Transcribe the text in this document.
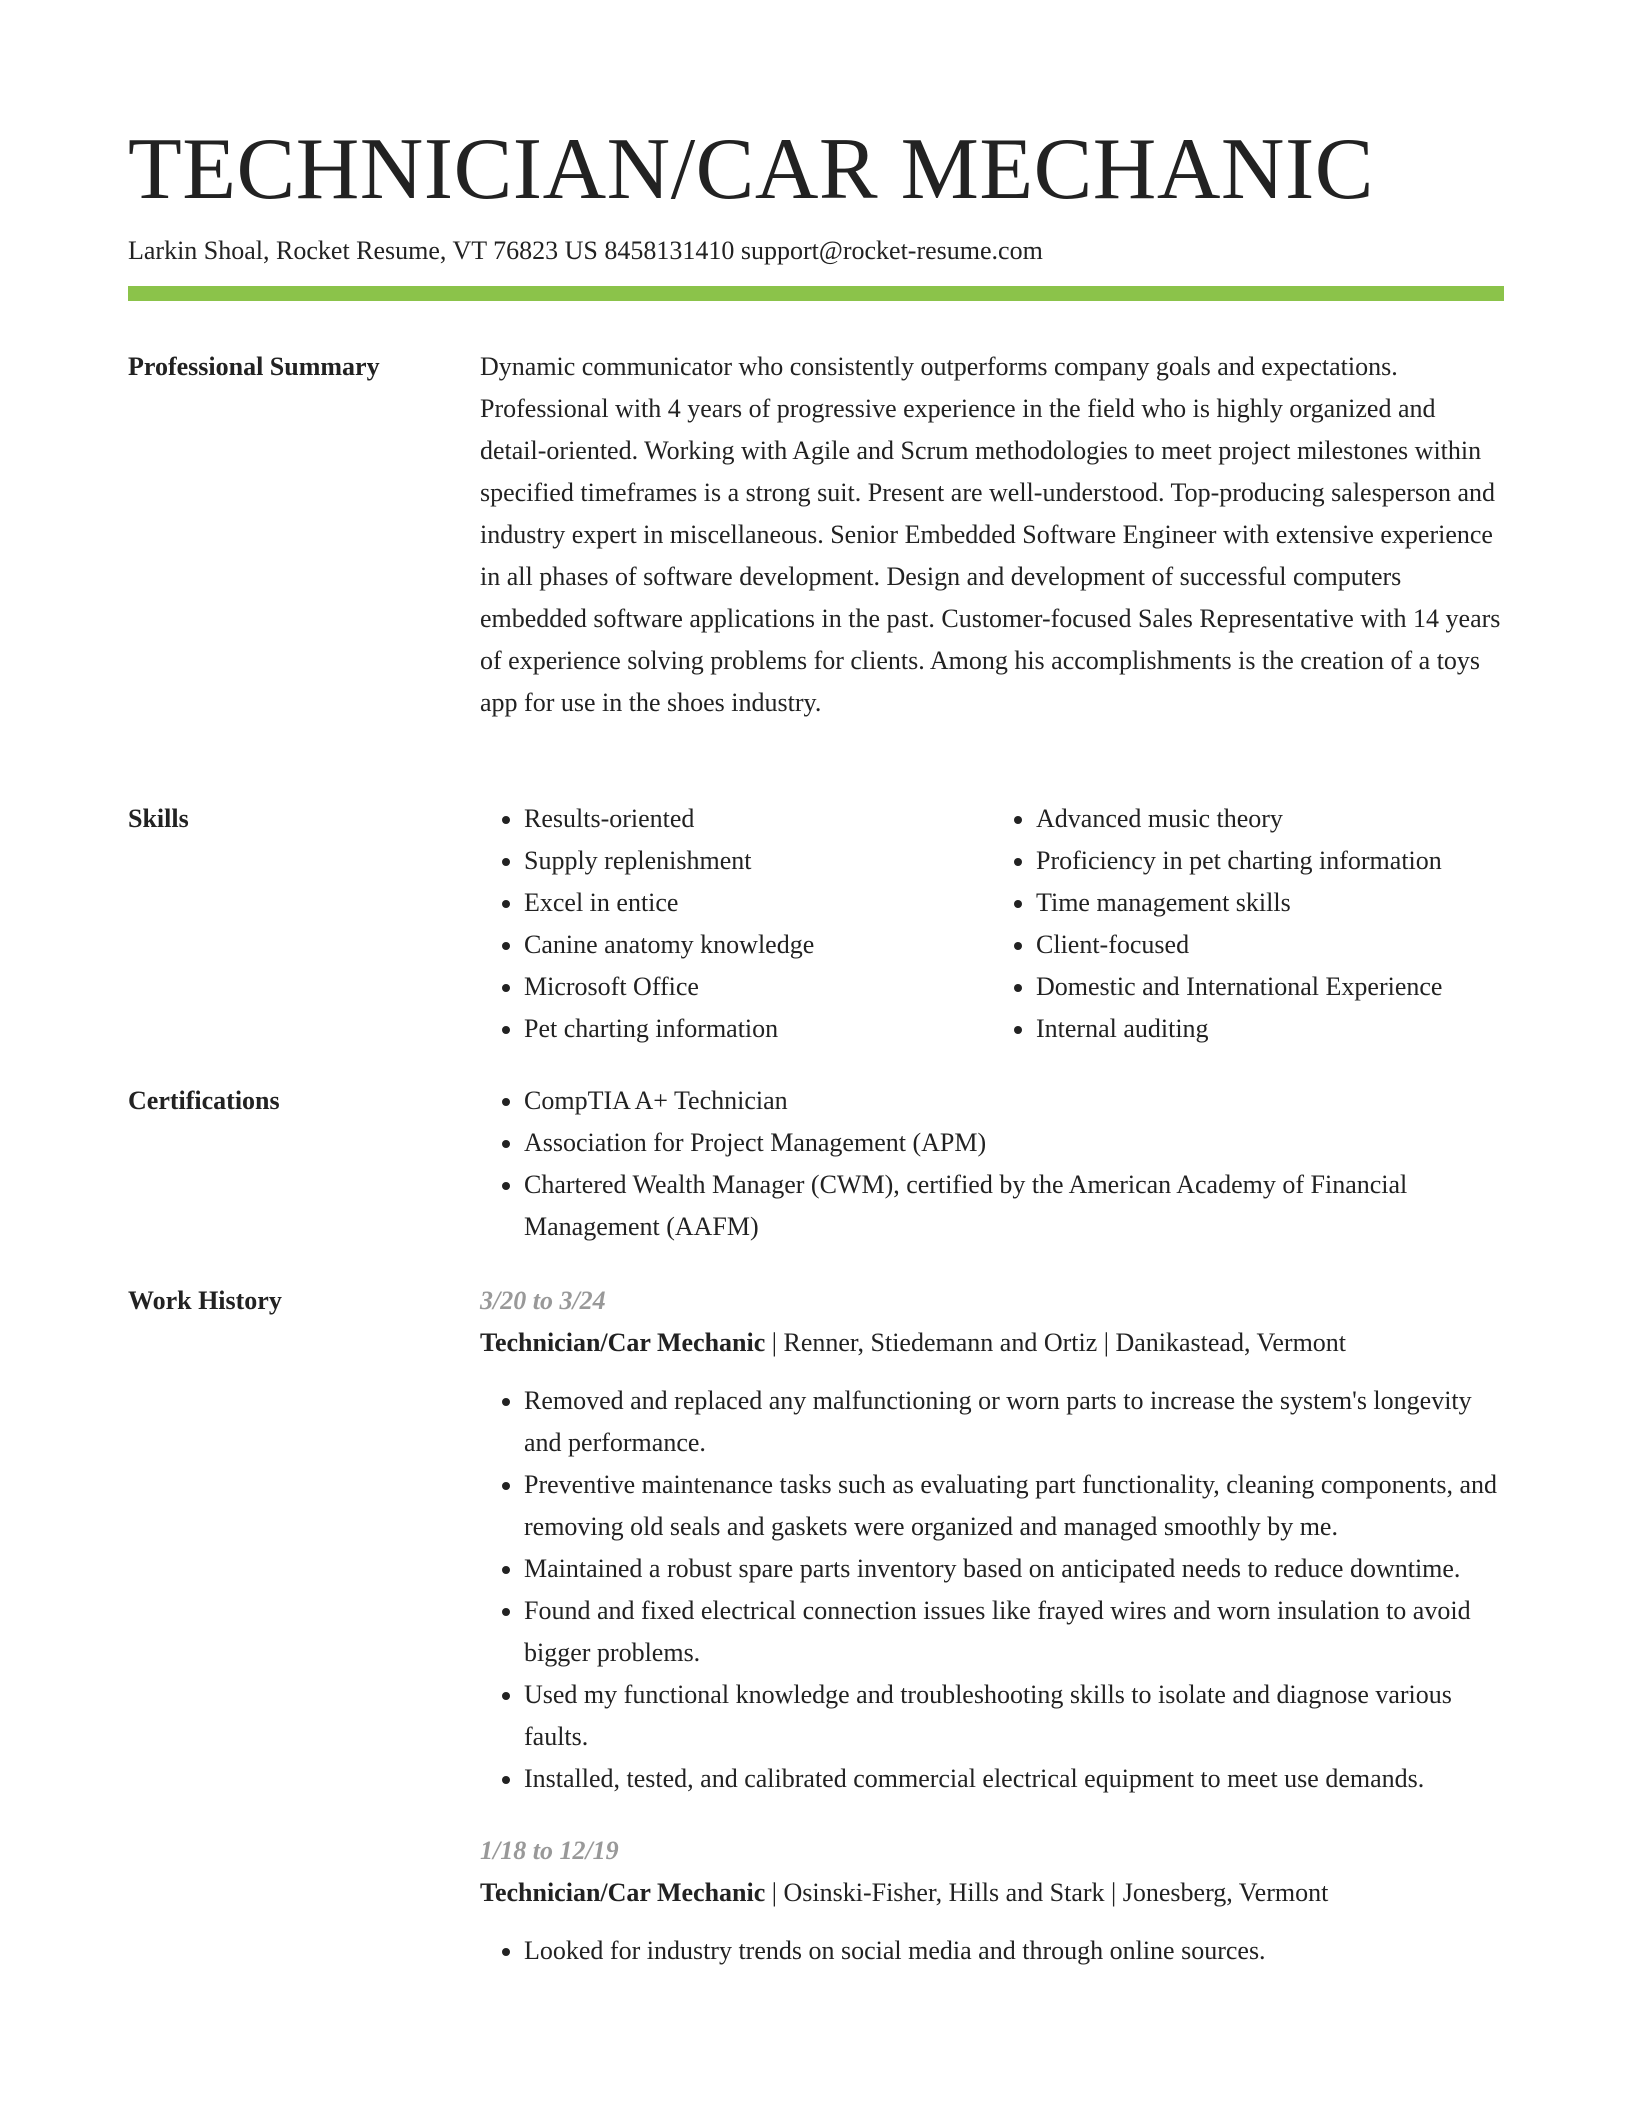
TECHNICIAN/CAR MECHANIC
Larkin Shoal, Rocket Resume, VT 76823 US 8458131410 support@rocket-resume.com
Professional Summary	Dynamic communicator who consistently outperforms company goals and expectations. Professional with 4 years of progressive experience in the field who is highly organized and detail-oriented. Working with Agile and Scrum methodologies to meet project milestones within specified timeframes is a strong suit. Present are well-understood. Top-producing salesperson and industry expert in miscellaneous. Senior Embedded Software Engineer with extensive experience in all phases of software development. Design and development of successful computers embedded software applications in the past. Customer-focused Sales Representative with 14 years of experience solving problems for clients. Among his accomplishments is the creation of a toys app for use in the shoes industry.

Skills	• Results-oriented
• Supply replenishment
• Excel in entice
• Canine anatomy knowledge
• Microsoft Office
• Pet charting information
• Advanced music theory
• Proficiency in pet charting information
• Time management skills
• Client-focused
• Domestic and International Experience
• Internal auditing
Certifications	• CompTIA A+ Technician
• Association for Project Management (APM)
• Chartered Wealth Manager (CWM), certified by the American Academy of Financial Management (AAFM)
Work History	3/20 to 3/24
Technician/Car Mechanic | Renner, Stiedemann and Ortiz | Danikastead, Vermont
• Removed and replaced any malfunctioning or worn parts to increase the system's longevity and performance.
• Preventive maintenance tasks such as evaluating part functionality, cleaning components, and removing old seals and gaskets were organized and managed smoothly by me.
• Maintained a robust spare parts inventory based on anticipated needs to reduce downtime.
• Found and fixed electrical connection issues like frayed wires and worn insulation to avoid bigger problems.
• Used my functional knowledge and troubleshooting skills to isolate and diagnose various faults.
• Installed, tested, and calibrated commercial electrical equipment to meet use demands.
1/18 to 12/19
Technician/Car Mechanic | Osinski-Fisher, Hills and Stark | Jonesberg, Vermont
• Looked for industry trends on social media and through online sources.
